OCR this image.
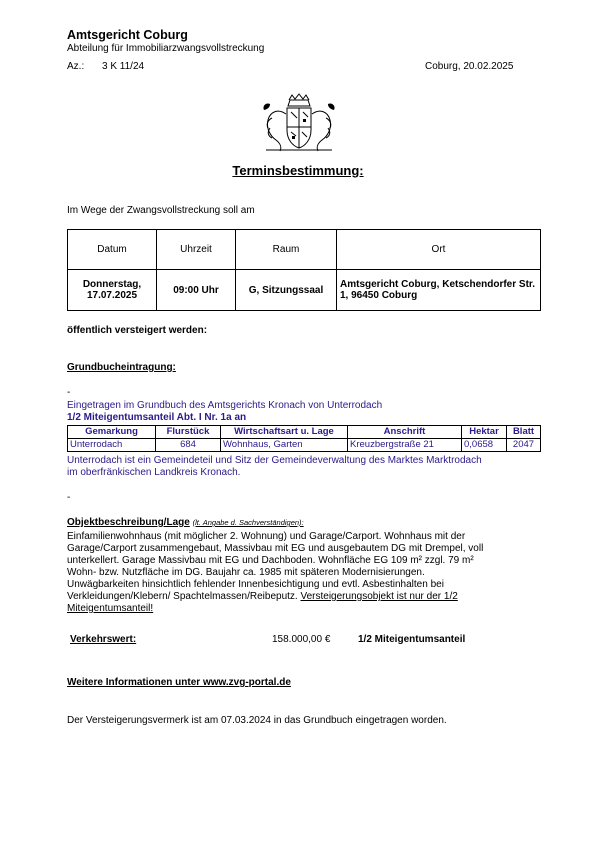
Amtsgericht Coburg
Abteilung für Immobiliarzwangsvollstreckung
Az.: 3 K 11/24	Coburg, 20.02.2025
Terminsbestimmung:
Im Wege der Zwangsvollstreckung soll am
Datum	Uhrzeit	Raum	Ort
Donnerstag, 17.07.2025	09:00 Uhr	G, Sitzungssaal	Amtsgericht Coburg, Ketschendorfer Str. 1, 96450 Coburg
öffentlich versteigert werden:
Grundbucheintragung:
-
Eingetragen im Grundbuch des Amtsgerichts Kronach von Unterrodach
1/2 Miteigentumsanteil Abt. I Nr. 1a an
Gemarkung	Flurstück	Wirtschaftsart u. Lage	Anschrift	Hektar	Blatt
Unterrodach	684	Wohnhaus, Garten	Kreuzbergstraße 21	0,0658	2047
Unterrodach ist ein Gemeindeteil und Sitz der Gemeindeverwaltung des Marktes Marktrodach
im oberfränkischen Landkreis Kronach.
-
Objektbeschreibung/Lage (lt. Angabe d. Sachverständigen):
Einfamilienwohnhaus (mit möglicher 2. Wohnung) und Garage/Carport. Wohnhaus mit der
Garage/Carport zusammengebaut, Massivbau mit EG und ausgebautem DG mit Drempel, voll
unterkellert. Garage Massivbau mit EG und Dachboden. Wohnfläche EG 109 m² zzgl. 79 m²
Wohn- bzw. Nutzfläche im DG. Baujahr ca. 1985 mit späteren Modernisierungen.
Unwägbarkeiten hinsichtlich fehlender Innenbesichtigung und evtl. Asbestinhalten bei
Verkleidungen/Klebern/ Spachtelmassen/Reibeputz. Versteigerungsobjekt ist nur der 1/2
Miteigentumsanteil!
Verkehrswert:	158.000,00 €	1/2 Miteigentumsanteil
Weitere Informationen unter www.zvg-portal.de
Der Versteigerungsvermerk ist am 07.03.2024 in das Grundbuch eingetragen worden.
